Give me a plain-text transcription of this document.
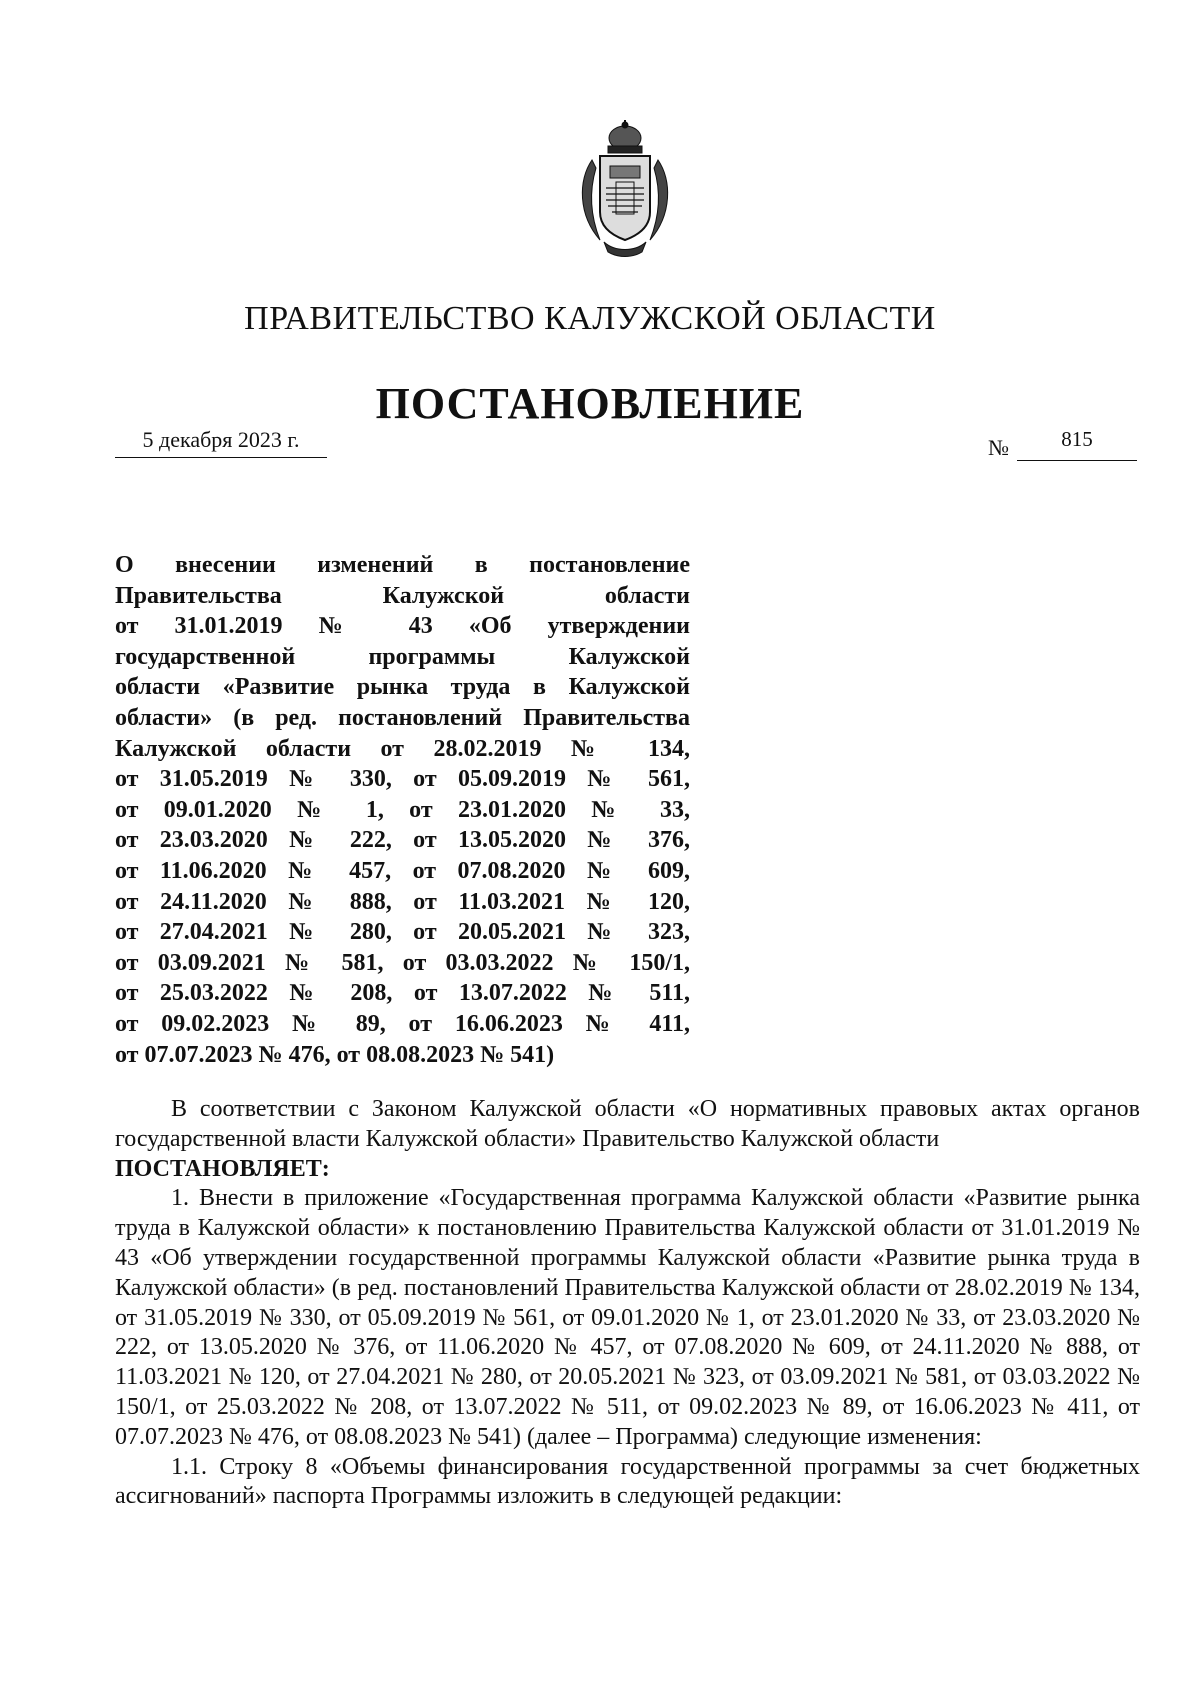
ПРАВИТЕЛЬСТВО КАЛУЖСКОЙ ОБЛАСТИ
ПОСТАНОВЛЕНИЕ
5 декабря 2023 г.	№	815
О внесении изменений в постановление
Правительства Калужской области
от 31.01.2019 № 43 «Об утверждении
государственной программы Калужской
области «Развитие рынка труда в Калужской
области» (в ред. постановлений Правительства
Калужской области от 28.02.2019 № 134,
от 31.05.2019 № 330, от 05.09.2019 № 561,
от 09.01.2020 № 1, от 23.01.2020 № 33,
от 23.03.2020 № 222, от 13.05.2020 № 376,
от 11.06.2020 № 457, от 07.08.2020 № 609,
от 24.11.2020 № 888, от 11.03.2021 № 120,
от 27.04.2021 № 280, от 20.05.2021 № 323,
от 03.09.2021 № 581, от 03.03.2022 № 150/1,
от 25.03.2022 № 208, от 13.07.2022 № 511,
от 09.02.2023 № 89, от 16.06.2023 № 411,
от 07.07.2023 № 476, от 08.08.2023 № 541)

В соответствии с Законом Калужской области «О нормативных правовых актах органов государственной власти Калужской области» Правительство Калужской области

ПОСТАНОВЛЯЕТ:

1. Внести в приложение «Государственная программа Калужской области «Развитие рынка труда в Калужской области» к постановлению Правительства Калужской области от 31.01.2019 № 43 «Об утверждении государственной программы Калужской области «Развитие рынка труда в Калужской области» (в ред. постановлений Правительства Калужской области от 28.02.2019 № 134, от 31.05.2019 № 330, от 05.09.2019 № 561, от 09.01.2020 № 1, от 23.01.2020 № 33, от 23.03.2020 № 222, от 13.05.2020 № 376, от 11.06.2020 № 457, от 07.08.2020 № 609, от 24.11.2020 № 888, от 11.03.2021 № 120, от 27.04.2021 № 280, от 20.05.2021 № 323, от 03.09.2021 № 581, от 03.03.2022 № 150/1, от 25.03.2022 № 208, от 13.07.2022 № 511, от 09.02.2023 № 89, от 16.06.2023 № 411, от 07.07.2023 № 476, от 08.08.2023 № 541) (далее – Программа) следующие изменения:

1.1. Строку 8 «Объемы финансирования государственной программы за счет бюджетных ассигнований» паспорта Программы изложить в следующей редакции:
